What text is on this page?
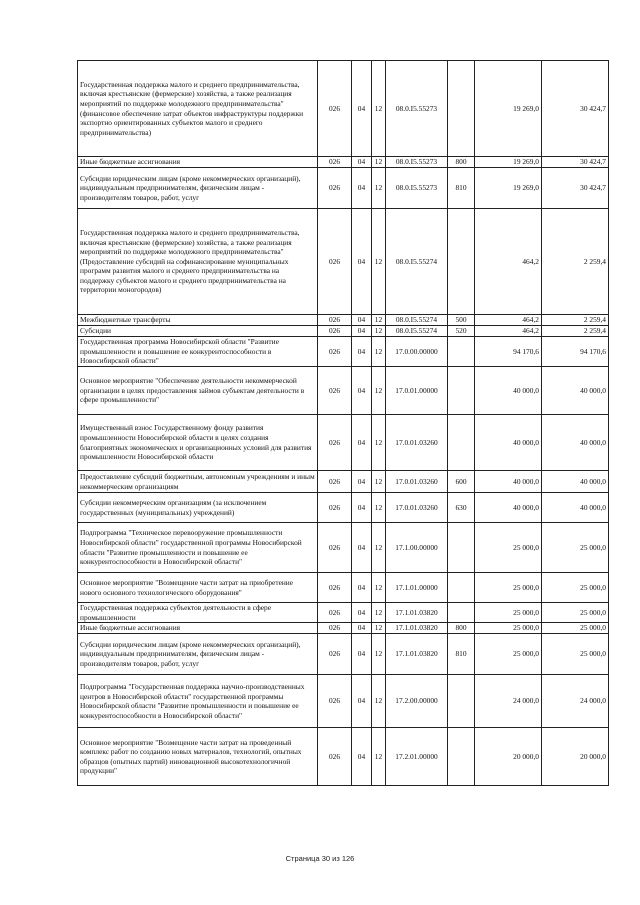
Государственная поддержка малого и среднего предпринимательства, включая крестьянские (фермерские) хозяйства, а также реализация мероприятий по поддержке молодежного предпринимательства" (финансовое обеспечение затрат объектов инфраструктуры поддержки экспортно ориентированных субъектов малого и среднего предпринимательства)	026	04	12	08.0.I5.55273		19 269,0	30 424,7
Иные бюджетные ассигнования	026	04	12	08.0.I5.55273	800	19 269,0	30 424,7
Субсидии юридическим лицам (кроме некоммерческих организаций), индивидуальным предпринимателям, физическим лицам - производителям товаров, работ, услуг	026	04	12	08.0.I5.55273	810	19 269,0	30 424,7
Государственная поддержка малого и среднего предпринимательства, включая крестьянские (фермерские) хозяйства, а также реализация мероприятий по поддержке молодежного предпринимательства" (Предоставление субсидий на софинансирование муниципальных программ развития малого и среднего предпринимательства на поддержку субъектов малого и среднего предпринимательства на территории моногородов)	026	04	12	08.0.I5.55274		464,2	2 259,4
Межбюджетные трансферты	026	04	12	08.0.I5.55274	500	464,2	2 259,4
Субсидии	026	04	12	08.0.I5.55274	520	464,2	2 259,4
Государственная программа Новосибирской области "Развитие промышленности и повышение ее конкурентоспособности в Новосибирской области"	026	04	12	17.0.00.00000		94 170,6	94 170,6
Основное мероприятие "Обеспечение деятельности некоммерческой организации в целях предоставления займов субъектам деятельности в сфере промышленности"	026	04	12	17.0.01.00000		40 000,0	40 000,0
Имущественный взнос Государственному фонду развития промышленности Новосибирской области в целях создания благоприятных экономических и организационных условий для развития промышленности Новосибирской области	026	04	12	17.0.01.03260		40 000,0	40 000,0
Предоставление субсидий бюджетным, автономным учреждениям и иным некоммерческим организациям	026	04	12	17.0.01.03260	600	40 000,0	40 000,0
Субсидии некоммерческим организациям (за исключением государственных (муниципальных) учреждений)	026	04	12	17.0.01.03260	630	40 000,0	40 000,0
Подпрограмма "Техническое перевооружение промышленности Новосибирской области" государственной программы Новосибирской области "Развитие промышленности и повышение ее конкурентоспособности в Новосибирской области"	026	04	12	17.1.00.00000		25 000,0	25 000,0
Основное мероприятие "Возмещение части затрат на приобретение нового основного технологического оборудования"	026	04	12	17.1.01.00000		25 000,0	25 000,0
Государственная поддержка субъектов деятельности в сфере промышленности	026	04	12	17.1.01.03820		25 000,0	25 000,0
Иные бюджетные ассигнования	026	04	12	17.1.01.03820	800	25 000,0	25 000,0
Субсидии юридическим лицам (кроме некоммерческих организаций), индивидуальным предпринимателям, физическим лицам - производителям товаров, работ, услуг	026	04	12	17.1.01.03820	810	25 000,0	25 000,0
Подпрограмма "Государственная поддержка научно-производственных центров в Новосибирской области" государственной программы Новосибирской области "Развитие промышленности и повышение ее конкурентоспособности в Новосибирской области"	026	04	12	17.2.00.00000		24 000,0	24 000,0
Основное мероприятие "Возмещение части затрат на проведенный комплекс работ по созданию новых материалов, технологий, опытных образцов (опытных партий) инновационной высокотехнологичной продукции"	026	04	12	17.2.01.00000		20 000,0	20 000,0
Страница 30 из 126
